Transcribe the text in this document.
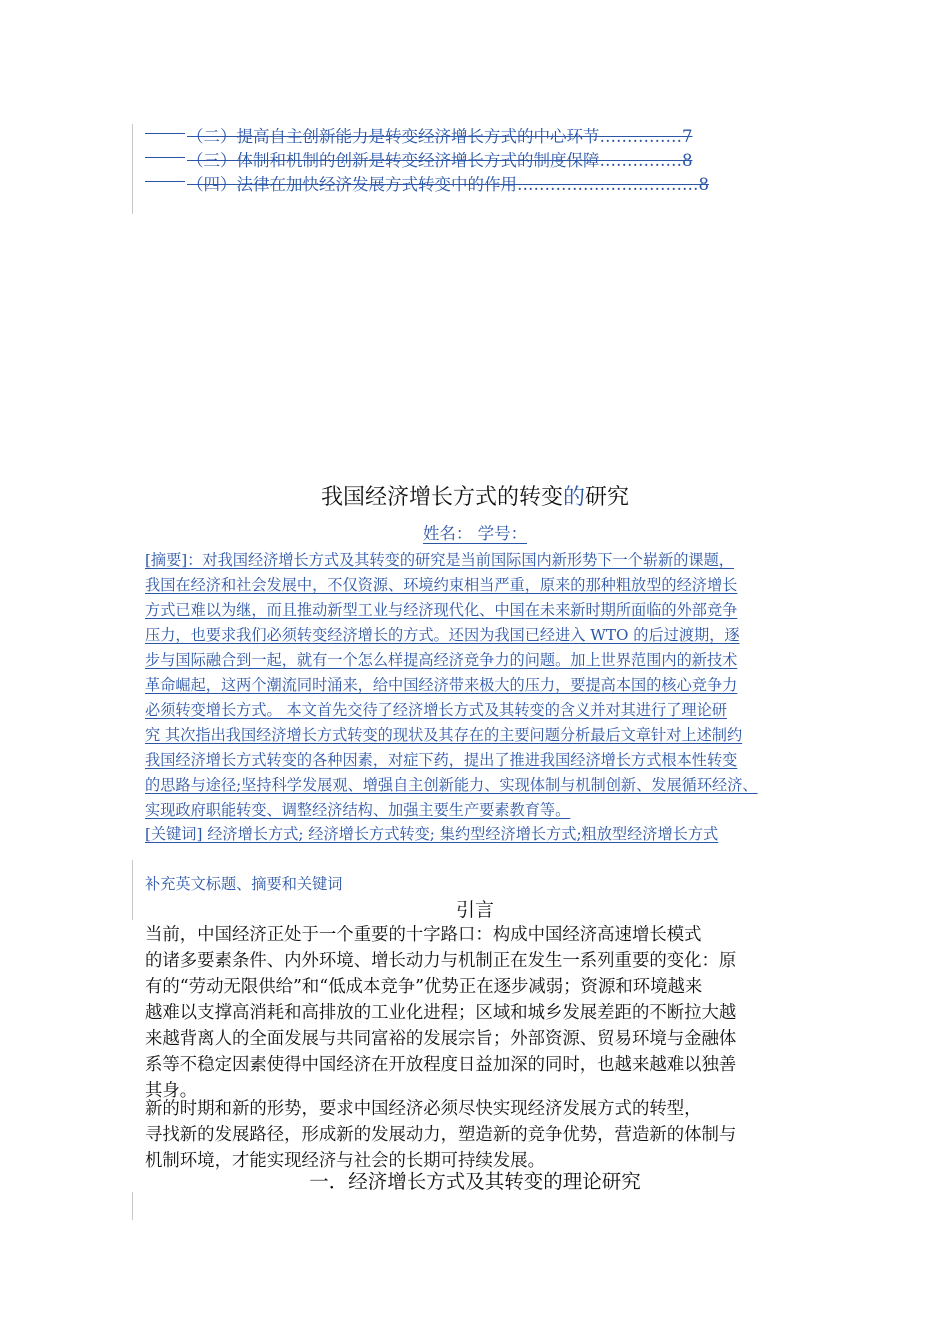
（二）提高自主创新能力是转变经济增长方式的中心环节……………7
（三）体制和机制的创新是转变经济增长方式的制度保障……………8
（四）法律在加快经济发展方式转变中的作用……………………………8
我国经济增长方式的转变的研究
姓名： 学号：
[摘要]：对我国经济增长方式及其转变的研究是当前国际国内新形势下一个崭新的课题，
我国在经济和社会发展中，不仅资源、环境约束相当严重，原来的那种粗放型的经济增长
方式已难以为继，而且推动新型工业与经济现代化、中国在未来新时期所面临的外部竞争
压力，也要求我们必须转变经济增长的方式。还因为我国已经进入 WTO 的后过渡期，逐
步与国际融合到一起，就有一个怎么样提高经济竞争力的问题。加上世界范围内的新技术
革命崛起，这两个潮流同时涌来，给中国经济带来极大的压力，要提高本国的核心竞争力
必须转变增长方式。 本文首先交待了经济增长方式及其转变的含义并对其进行了理论研
究 其次指出我国经济增长方式转变的现状及其存在的主要问题分析最后文章针对上述制约
我国经济增长方式转变的各种因素，对症下药，提出了推进我国经济增长方式根本性转变
的思路与途径;坚持科学发展观、增强自主创新能力、实现体制与机制创新、发展循环经济、
实现政府职能转变、调整经济结构、加强主要生产要素教育等。
[关键词] 经济增长方式; 经济增长方式转变; 集约型经济增长方式;粗放型经济增长方式
补充英文标题、摘要和关键词
引言
当前，中国经济正处于一个重要的十字路口：构成中国经济高速增长模式
的诸多要素条件、内外环境、增长动力与机制正在发生一系列重要的变化：原
有的“劳动无限供给”和“低成本竞争”优势正在逐步减弱；资源和环境越来
越难以支撑高消耗和高排放的工业化进程；区域和城乡发展差距的不断拉大越
来越背离人的全面发展与共同富裕的发展宗旨；外部资源、贸易环境与金融体
系等不稳定因素使得中国经济在开放程度日益加深的同时，也越来越难以独善
其身。
新的时期和新的形势，要求中国经济必须尽快实现经济发展方式的转型，
寻找新的发展路径，形成新的发展动力，塑造新的竞争优势，营造新的体制与
机制环境，才能实现经济与社会的长期可持续发展。
一．经济增长方式及其转变的理论研究
